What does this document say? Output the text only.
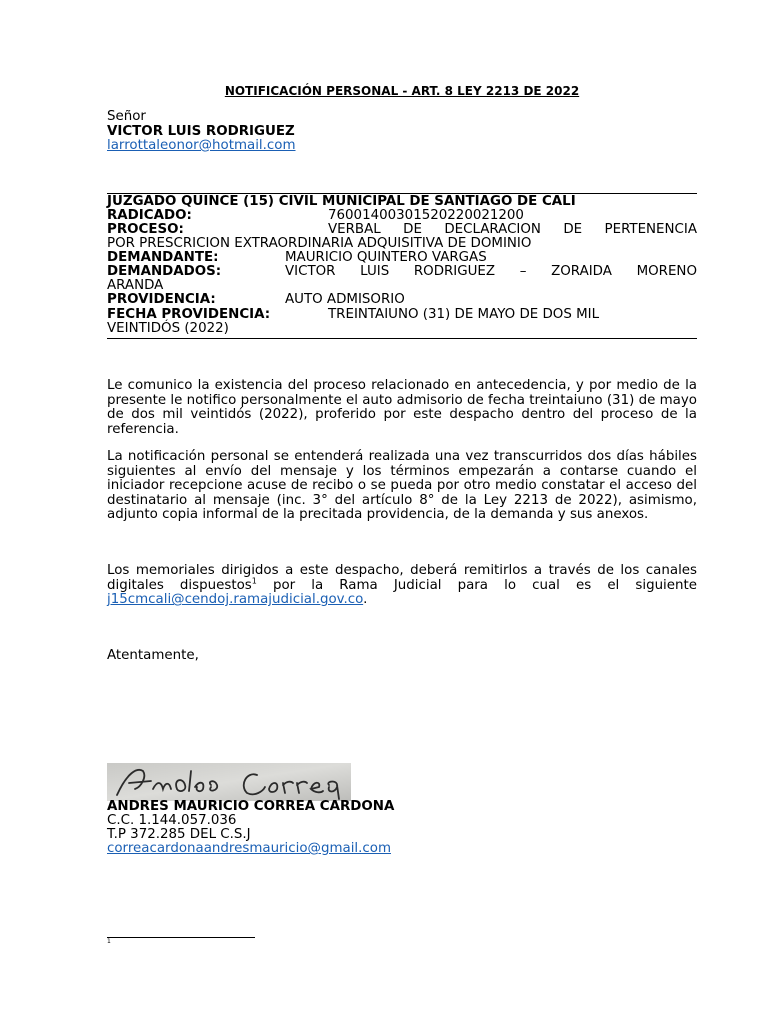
NOTIFICACIÓN PERSONAL - ART. 8 LEY 2213 DE 2022
Señor
VICTOR LUIS RODRIGUEZ
larrottaleonor@hotmail.com
JUZGADO QUINCE (15) CIVIL MUNICIPAL DE SANTIAGO DE CALI
RADICADO:	76001400301520220021200
PROCESO:	VERBAL DE DECLARACION DE PERTENENCIA
POR PRESCRICION EXTRAORDINARIA ADQUISITIVA DE DOMINIO
DEMANDANTE:	MAURICIO QUINTERO VARGAS
DEMANDADOS:	VICTOR LUIS RODRIGUEZ – ZORAIDA MORENO
ARANDA
PROVIDENCIA:	AUTO ADMISORIO
FECHA PROVIDENCIA:	TREINTAIUNO (31) DE MAYO DE DOS MIL
VEINTIDÓS (2022)
Le comunico la existencia del proceso relacionado en antecedencia, y por medio de la presente le notifico personalmente el auto admisorio de fecha treintaiuno (31) de mayo de dos mil veintidós (2022), proferido por este despacho dentro del proceso de la referencia.
La notificación personal se entenderá realizada una vez transcurridos dos días hábiles siguientes al envío del mensaje y los términos empezarán a contarse cuando el iniciador recepcione acuse de recibo o se pueda por otro medio constatar el acceso del destinatario al mensaje (inc. 3° del artículo 8° de la Ley 2213 de 2022), asimismo, adjunto copia informal de la precitada providencia, de la demanda y sus anexos.
Los memoriales dirigidos a este despacho, deberá remitirlos a través de los canales digitales dispuestos$^1$ por la Rama Judicial para lo cual es el siguiente j15cmcali@cendoj.ramajudicial.gov.co.
Atentamente,
ANDRES MAURICIO CORREA CARDONA
C.C. 1.144.057.036
T.P 372.285 DEL C.S.J
correacardonaandresmauricio@gmail.com
1
